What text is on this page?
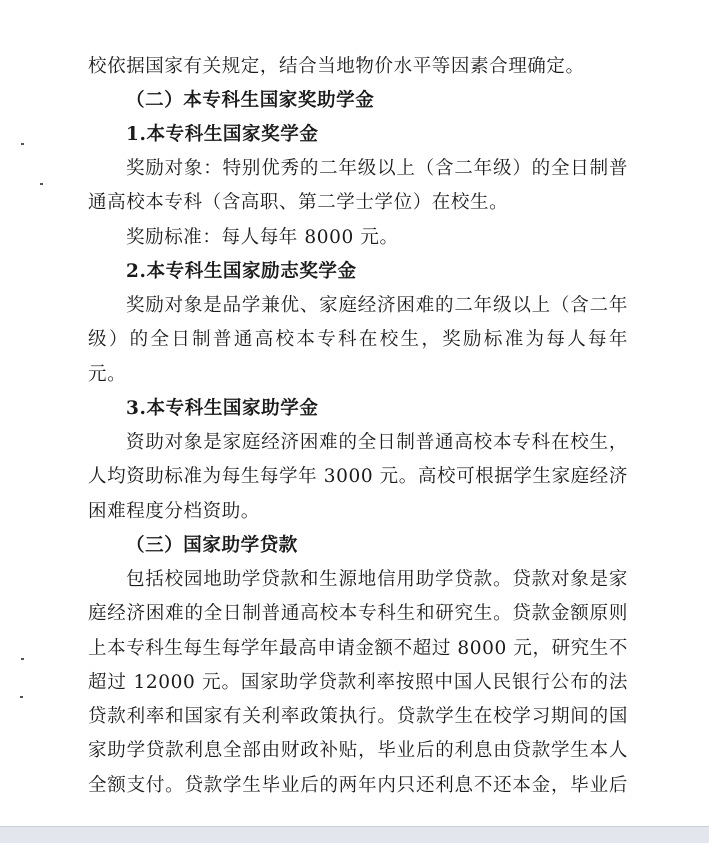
校依据国家有关规定，结合当地物价水平等因素合理确定。
（二）本专科生国家奖助学金
1.本专科生国家奖学金
奖励对象：特别优秀的二年级以上（含二年级）的全日制普
通高校本专科（含高职、第二学士学位）在校生。
奖励标准：每人每年 8000 元。
2.本专科生国家励志奖学金
奖励对象是品学兼优、家庭经济困难的二年级以上（含二年
级）的全日制普通高校本专科在校生，奖励标准为每人每年
元。
3.本专科生国家助学金
资助对象是家庭经济困难的全日制普通高校本专科在校生，
人均资助标准为每生每学年 3000 元。高校可根据学生家庭经济
困难程度分档资助。
（三）国家助学贷款
包括校园地助学贷款和生源地信用助学贷款。贷款对象是家
庭经济困难的全日制普通高校本专科生和研究生。贷款金额原则
上本专科生每生每学年最高申请金额不超过 8000 元，研究生不
超过 12000 元。国家助学贷款利率按照中国人民银行公布的法
贷款利率和国家有关利率政策执行。贷款学生在校学习期间的国
家助学贷款利息全部由财政补贴，毕业后的利息由贷款学生本人
全额支付。贷款学生毕业后的两年内只还利息不还本金，毕业后
